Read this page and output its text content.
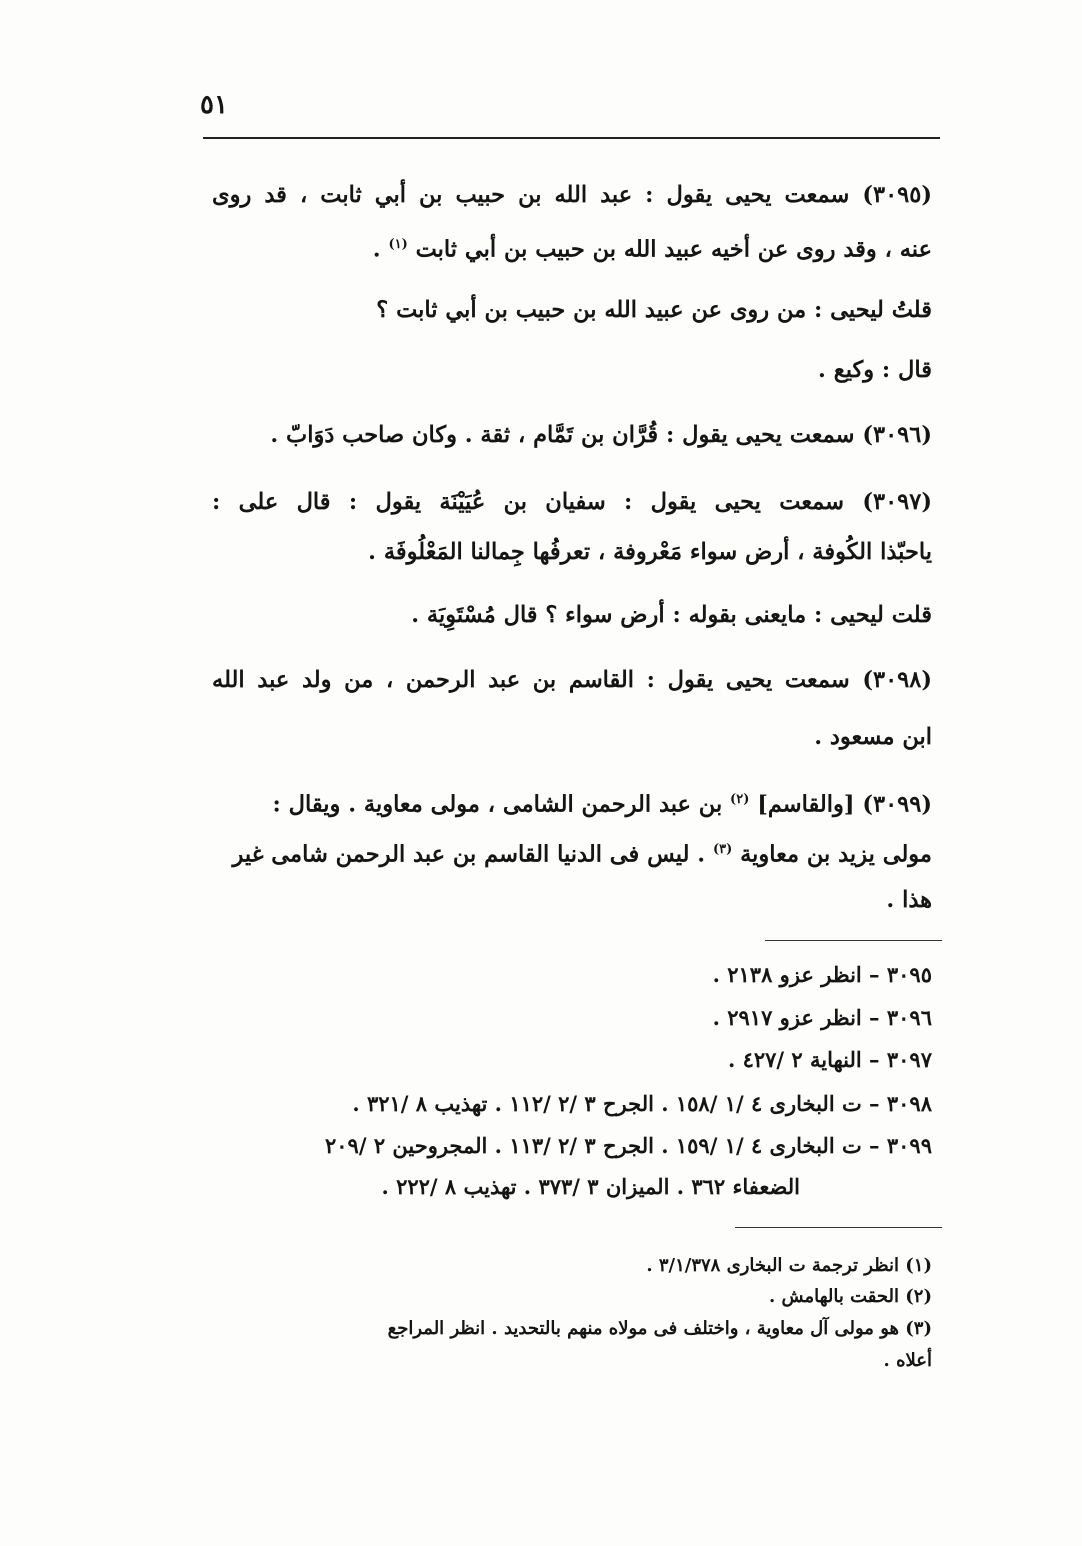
٥١
(٣٠٩٥) سمعت يحيى يقول : عبد الله بن حبيب بن أبي ثابت ، قد روى
عنه ، وقد روى عن أخيه عبيد الله بن حبيب بن أبي ثابت $^{(١)}$ .
قلتُ ليحيى : من روى عن عبيد الله بن حبيب بن أبي ثابت ؟
قال : وكيع .
(٣٠٩٦) سمعت يحيى يقول : قُرَّان بن تَمَّام ، ثقة . وكان صاحب دَوَابّ .
(٣٠٩٧) سمعت يحيى يقول : سفيان بن عُيَيْنَة يقول : قال على :
ياحبّذا الكُوفة ، أرض سواء مَعْروفة ، تعرفُها جِمالنا المَعْلُوفَة .
قلت ليحيى : مايعنى بقوله : أرض سواء ؟ قال مُسْتَوِيَة .
(٣٠٩٨) سمعت يحيى يقول : القاسم بن عبد الرحمن ، من ولد عبد الله
ابن مسعود .
(٣٠٩٩) [والقاسم] $^{(٢)}$ بن عبد الرحمن الشامى ، مولى معاوية . ويقال :
مولى يزيد بن معاوية $^{(٣)}$ . ليس فى الدنيا القاسم بن عبد الرحمن شامى غير
هذا .
٣٠٩٥ – انظر عزو ٢١٣٨ .
٣٠٩٦ – انظر عزو ٢٩١٧ .
٣٠٩٧ – النهاية ٢ /٤٢٧ .
٣٠٩٨ – ت البخارى ٤ /١ /١٥٨ . الجرح ٣ /٢ /١١٢ . تهذيب ٨ /٣٢١ .
٣٠٩٩ – ت البخارى ٤ /١ /١٥٩ . الجرح ٣ /٢ /١١٣ . المجروحين ٢ /٢٠٩
الضعفاء ٣٦٢ . الميزان ٣ /٣٧٣ . تهذيب ٨ /٢٢٢ .
(١) انظر ترجمة ت البخارى ٣/١/٣٧٨ .
(٢) الحقت بالهامش .
(٣) هو مولى آل معاوية ، واختلف فى مولاه منهم بالتحديد . انظر المراجع
أعلاه .
